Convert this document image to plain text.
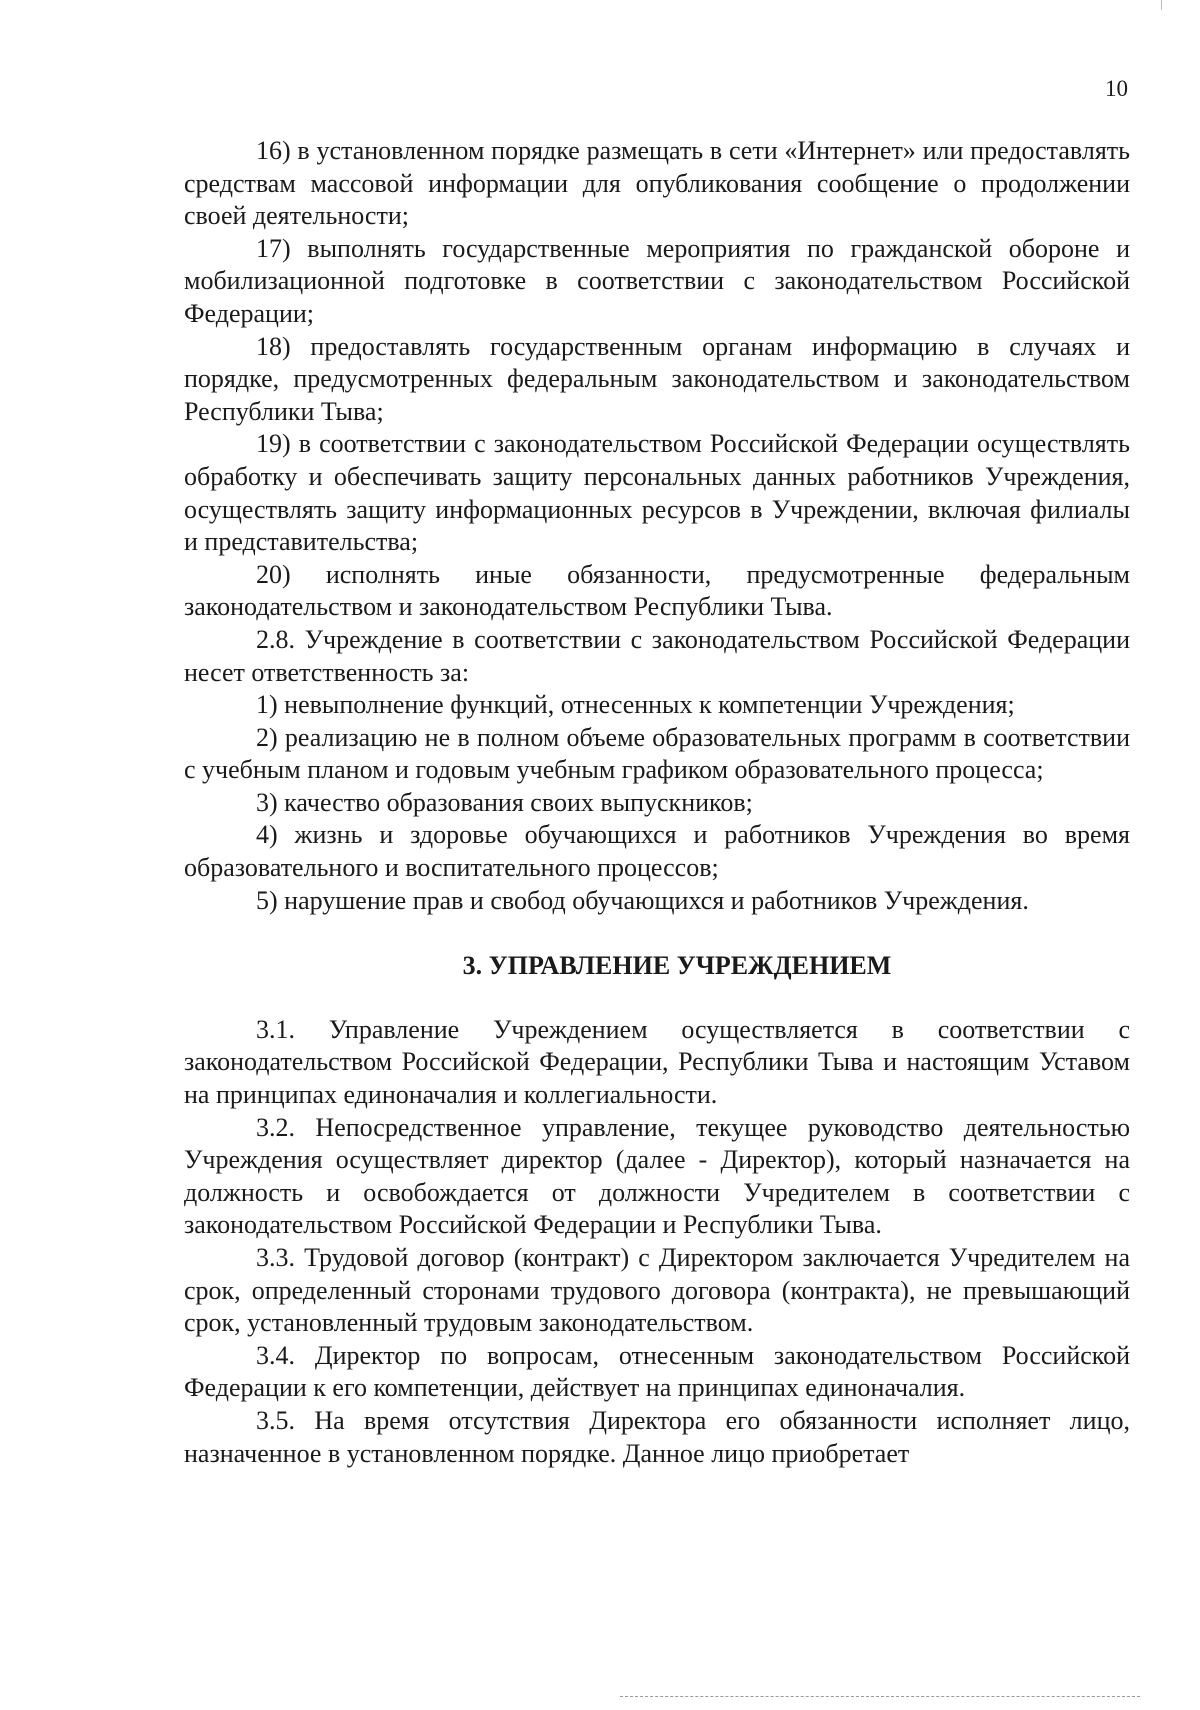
10

16) в установленном порядке размещать в сети «Интернет» или предоставлять средствам массовой информации для опубликования сообщение о продолжении своей деятельности;

17) выполнять государственные мероприятия по гражданской обороне и мобилизационной подготовке в соответствии с законодательством Российской Федерации;

18) предоставлять государственным органам информацию в случаях и порядке, предусмотренных федеральным законодательством и законодательством Республики Тыва;

19) в соответствии с законодательством Российской Федерации осуществлять обработку и обеспечивать защиту персональных данных работников Учреждения, осуществлять защиту информационных ресурсов в Учреждении, включая филиалы и представительства;

20) исполнять иные обязанности, предусмотренные федеральным законодательством и законодательством Республики Тыва.

2.8. Учреждение в соответствии с законодательством Российской Федерации несет ответственность за:

1) невыполнение функций, отнесенных к компетенции Учреждения;

2) реализацию не в полном объеме образовательных программ в соответствии с учебным планом и годовым учебным графиком образовательного процесса;

3) качество образования своих выпускников;

4) жизнь и здоровье обучающихся и работников Учреждения во время образовательного и воспитательного процессов;

5) нарушение прав и свобод обучающихся и работников Учреждения.

3. УПРАВЛЕНИЕ УЧРЕЖДЕНИЕМ

3.1. Управление Учреждением осуществляется в соответствии с законодательством Российской Федерации, Республики Тыва и настоящим Уставом на принципах единоначалия и коллегиальности.

3.2. Непосредственное управление, текущее руководство деятельностью Учреждения осуществляет директор (далее - Директор), который назначается на должность и освобождается от должности Учредителем в соответствии с законодательством Российской Федерации и Республики Тыва.

3.3. Трудовой договор (контракт) с Директором заключается Учредителем на срок, определенный сторонами трудового договора (контракта), не превышающий срок, установленный трудовым законодательством.

3.4. Директор по вопросам, отнесенным законодательством Российской Федерации к его компетенции, действует на принципах единоначалия.

3.5. На время отсутствия Директора его обязанности исполняет лицо, назначенное в установленном порядке. Данное лицо приобретает
